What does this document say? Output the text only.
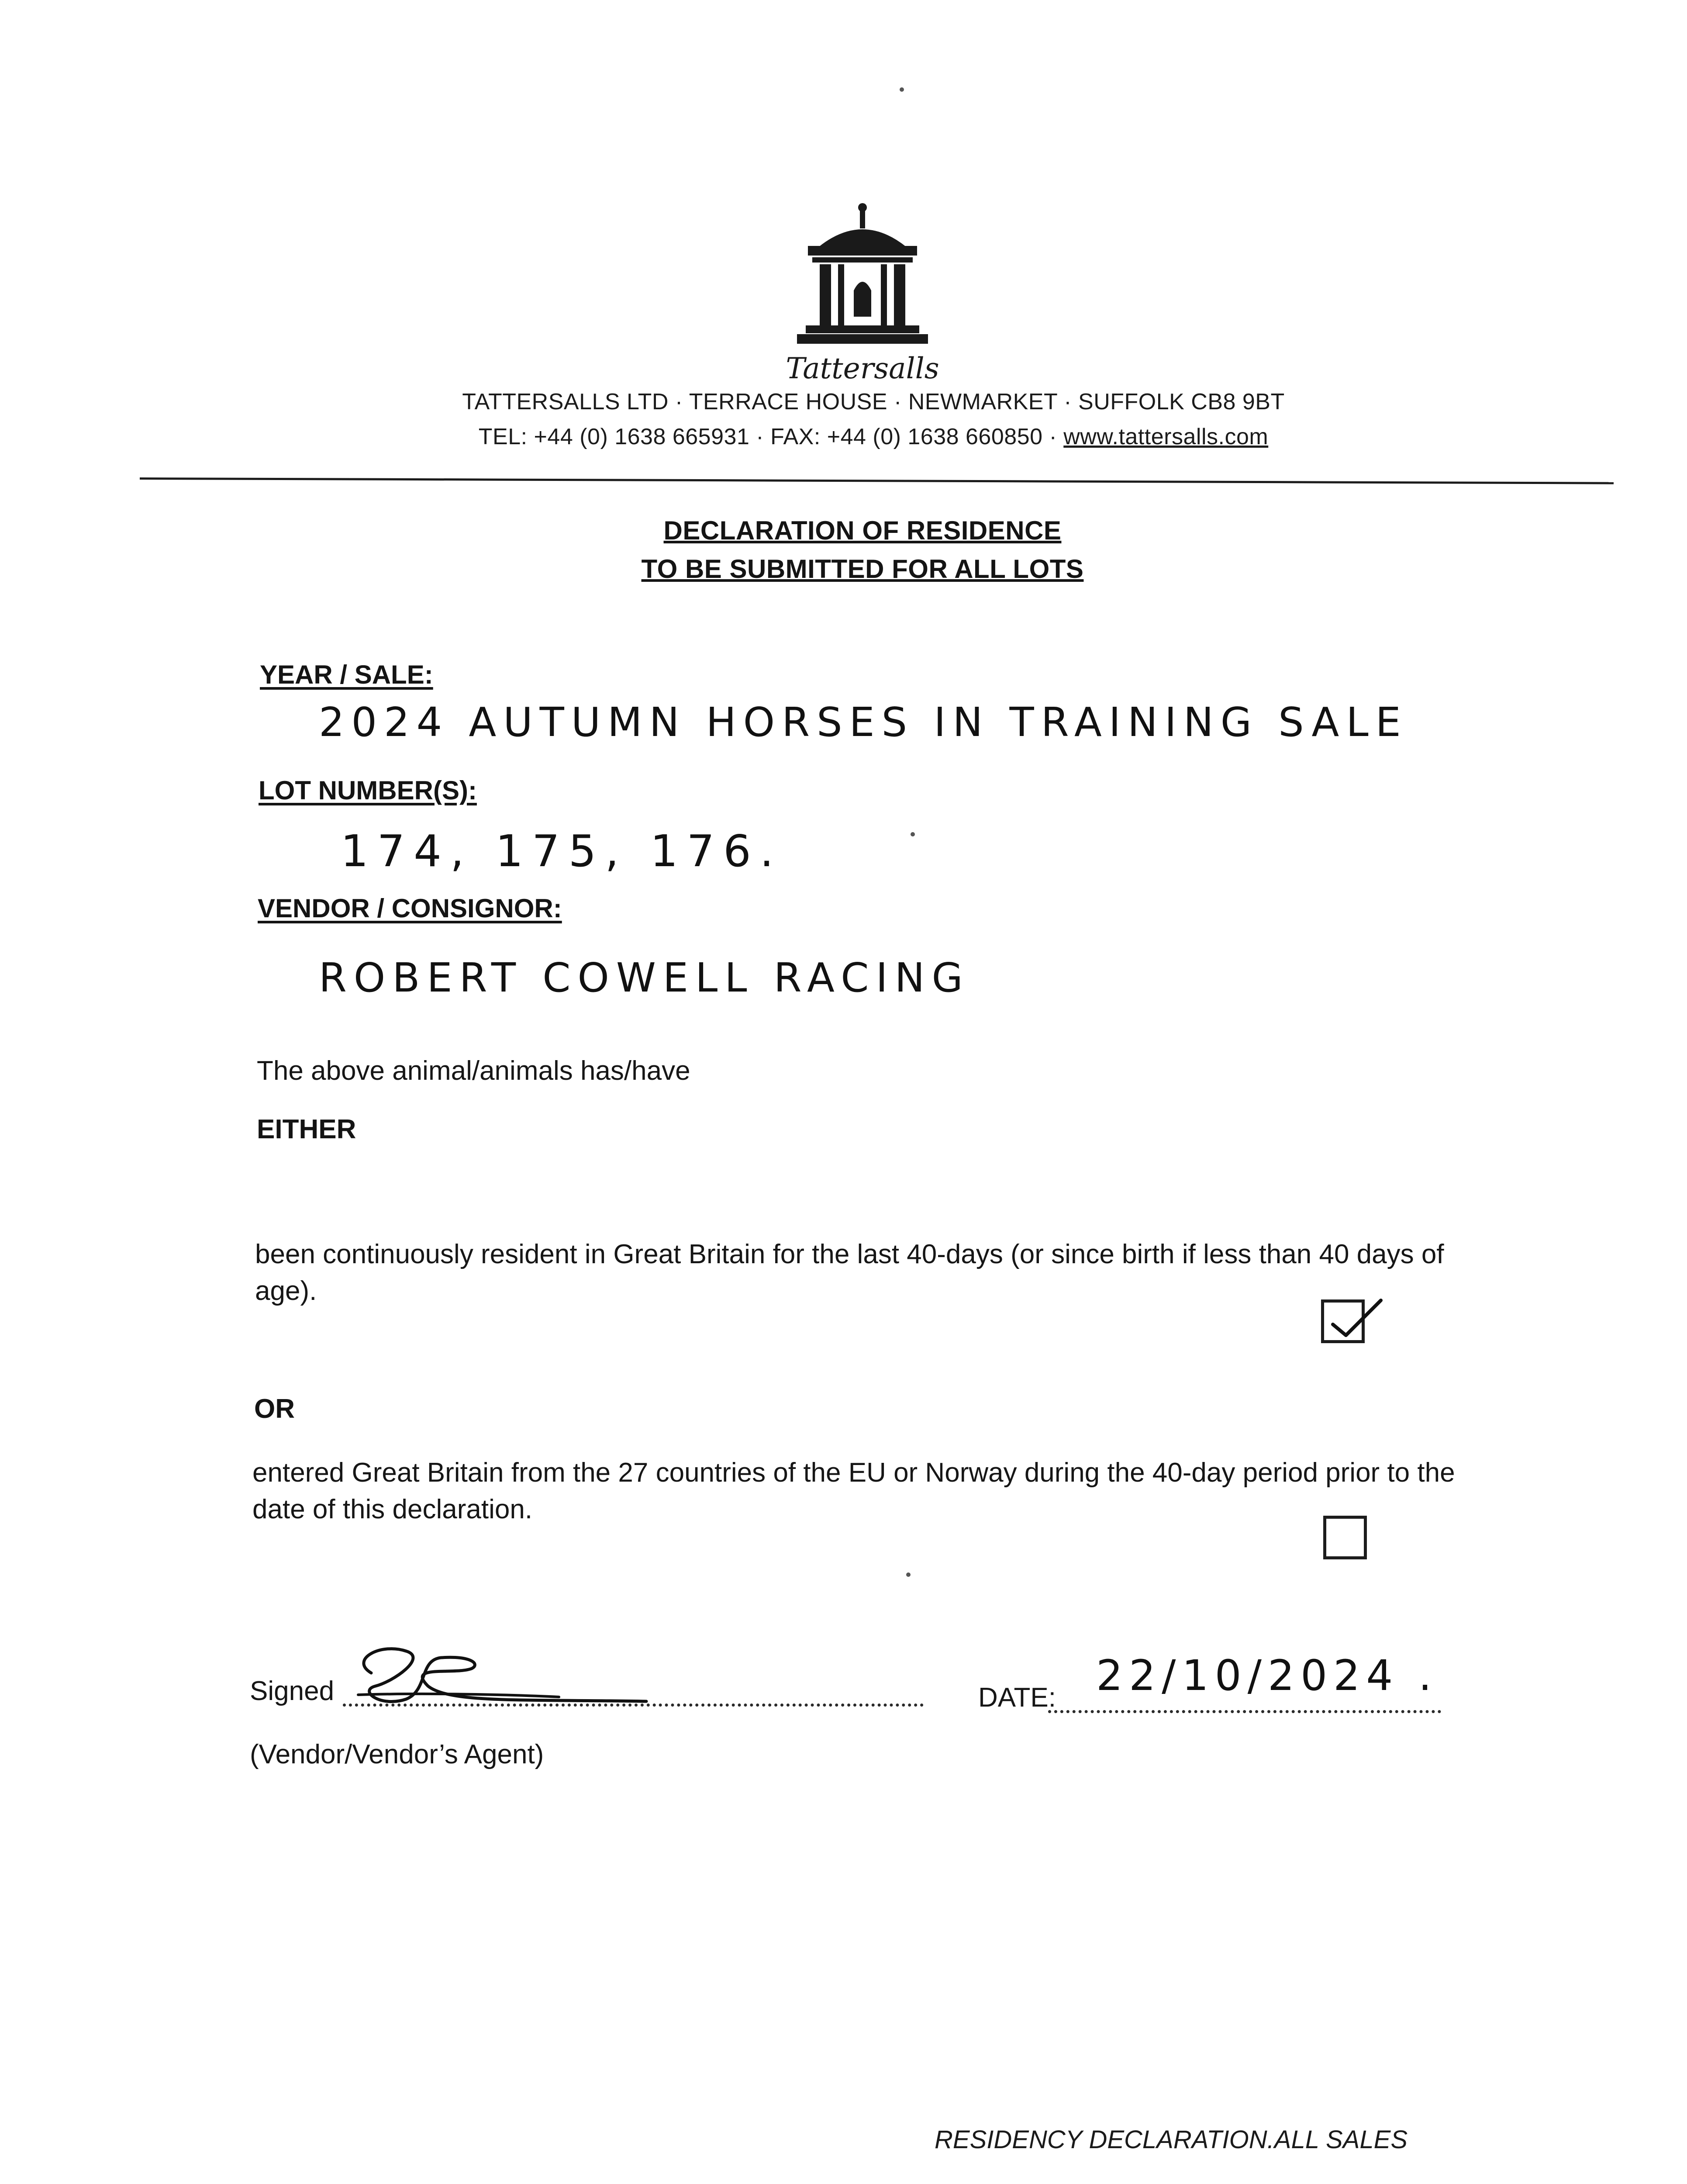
Tattersalls
TATTERSALLS LTD · TERRACE HOUSE · NEWMARKET · SUFFOLK CB8 9BT
TEL: +44 (0) 1638 665931 · FAX: +44 (0) 1638 660850 · www.tattersalls.com
DECLARATION OF RESIDENCE
TO BE SUBMITTED FOR ALL LOTS
YEAR / SALE:
2024 AUTUMN HORSES IN TRAINING SALE
LOT NUMBER(S):
174, 175, 176.
VENDOR / CONSIGNOR:
ROBERT COWELL RACING
The above animal/animals has/have
EITHER
been continuously resident in Great Britain for the last 40-days (or since birth if less than 40 days of age).
OR
entered Great Britain from the 27 countries of the EU or Norway during the 40-day period prior to the date of this declaration.
Signed	DATE: 22/10/2024 .
(Vendor/Vendor’s Agent)
RESIDENCY DECLARATION.ALL SALES
